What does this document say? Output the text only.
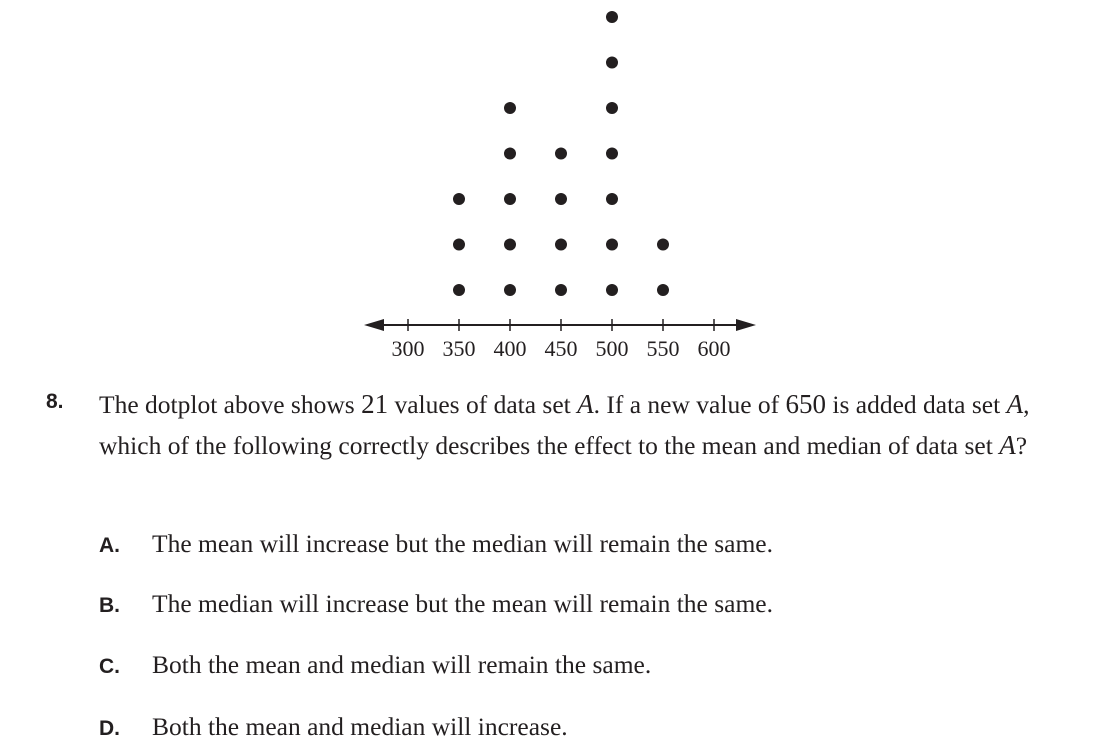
300 350 400 450 500 550 600
8. The dotplot above shows 21 values of data set A. If a new value of 650 is added data set A, which of the following correctly describes the effect to the mean and median of data set A?

A. The mean will increase but the median will remain the same.
B. The median will increase but the mean will remain the same.
C. Both the mean and median will remain the same.
D. Both the mean and median will increase.
